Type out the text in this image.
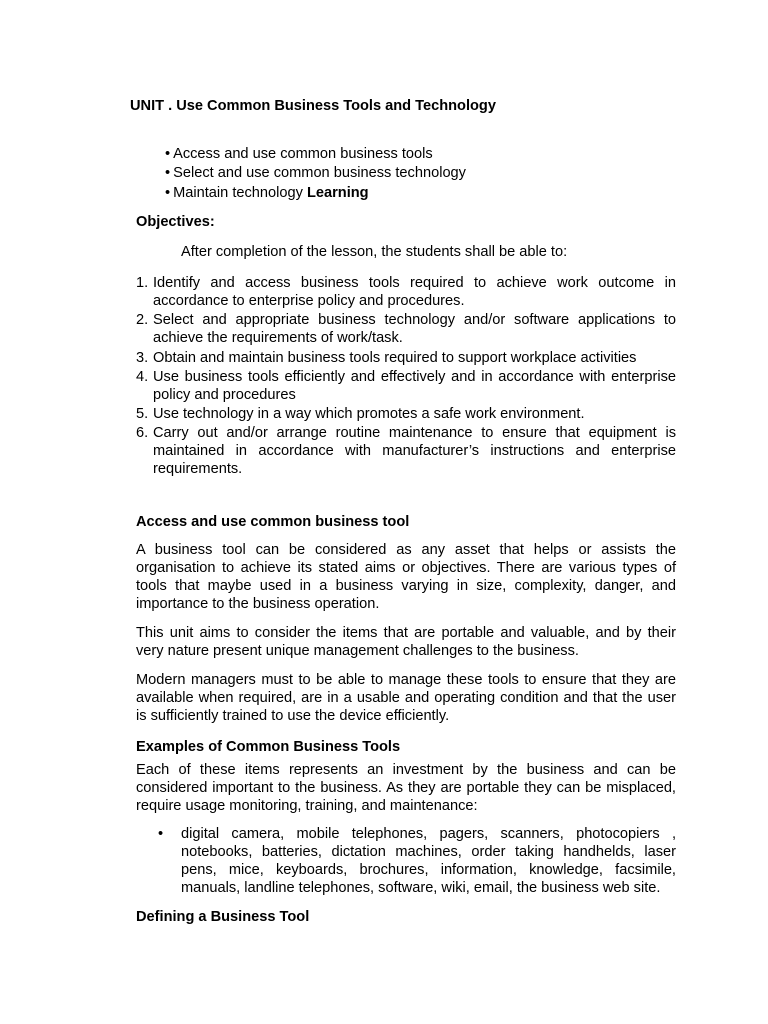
UNIT . Use Common Business Tools and Technology
• Access and use common business tools
• Select and use common business technology
• Maintain technology Learning
Objectives:
After completion of the lesson, the students shall be able to:
1. Identify and access business tools required to achieve work outcome in accordance to enterprise policy and procedures.
2. Select and appropriate business technology and/or software applications to achieve the requirements of work/task.
3. Obtain and maintain business tools required to support workplace activities
4. Use business tools efficiently and effectively and in accordance with enterprise policy and procedures
5. Use technology in a way which promotes a safe work environment.
6. Carry out and/or arrange routine maintenance to ensure that equipment is maintained in accordance with manufacturer’s instructions and enterprise requirements.
Access and use common business tool

A business tool can be considered as any asset that helps or assists the organisation to achieve its stated aims or objectives. There are various types of tools that maybe used in a business varying in size, complexity, danger, and importance to the business operation.

This unit aims to consider the items that are portable and valuable, and by their very nature present unique management challenges to the business.

Modern managers must to be able to manage these tools to ensure that they are available when required, are in a usable and operating condition and that the user is sufficiently trained to use the device efficiently.

Examples of Common Business Tools

Each of these items represents an investment by the business and can be considered important to the business. As they are portable they can be misplaced, require usage monitoring, training, and maintenance:

•	digital camera, mobile telephones, pagers, scanners, photocopiers , notebooks, batteries, dictation machines, order taking handhelds, laser pens, mice, keyboards, brochures, information, knowledge, facsimile, manuals, landline telephones, software, wiki, email, the business web site.
Defining a Business Tool
